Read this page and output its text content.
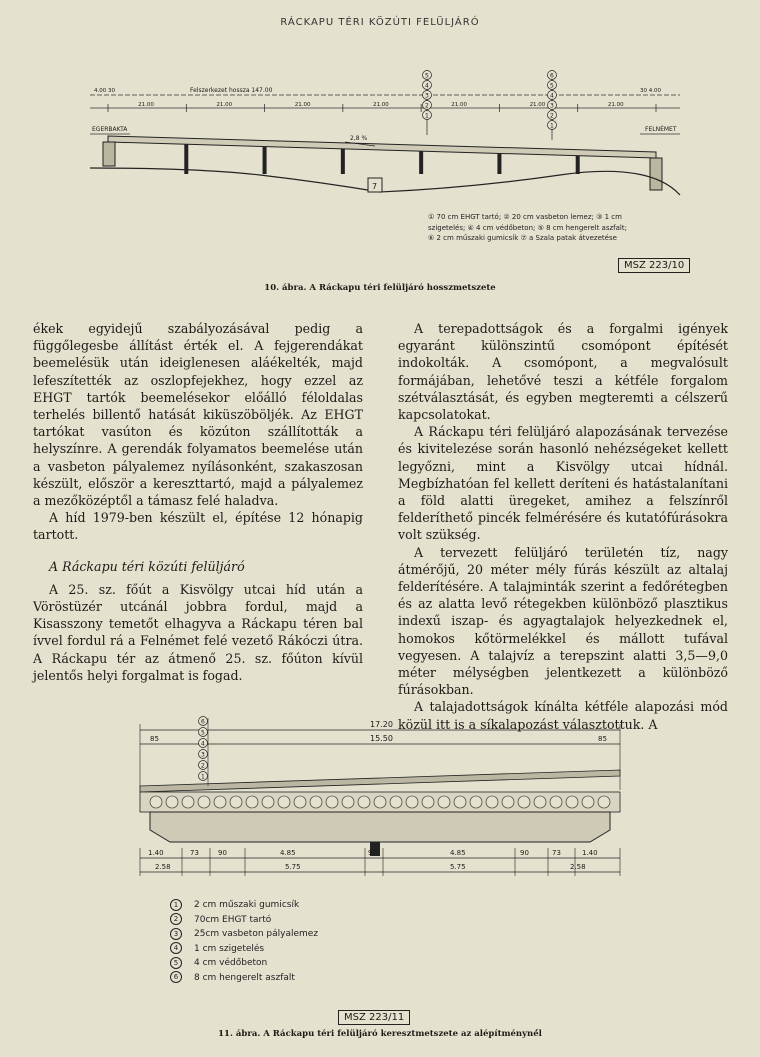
RÁCKAPU TÉRI KÖZÚTI FELÜLJÁRÓ
Felszerkezet hossza 147.00
4.00 30	30 4.00
21.00	21.00	21.00	21.00	21.00	21.00	21.00
EGERBAKTA	FELNÉMET
7
2,8 %
5
4
3
2
1
6
5
4
3
2
1
① 70 cm EHGT tartó; ② 20 cm vasbeton lemez; ③ 1 cm
szigetelés; ④ 4 cm védőbeton; ⑤ 8 cm hengerelt aszfalt;
⑥ 2 cm műszaki gumicsík ⑦ a Szala patak átvezetése
MSZ 223/10
10. ábra. A Ráckapu téri felüljáró hosszmetszete

ékek egyidejű szabályozásával pedig a függőlegesbe állítást érték el. A fejgerendákat beemelésük után ideiglenesen aláékelték, majd lefeszítették az oszlopfejekhez, hogy ezzel az EHGT tartók beemelésekor előálló féloldalas terhelés billentő hatását kiküszöböljék. Az EHGT tartókat vasúton és közúton szállították a helyszínre. A gerendák folyamatos beemelése után a vasbeton pályalemez nyílásonként, szakaszosan készült, először a kereszttartó, majd a pályalemez a mezőközéptől a támasz felé haladva.

A híd 1979-ben készült el, építése 12 hónapig tartott.

A Ráckapu téri közúti felüljáró

A 25. sz. főút a Kisvölgy utcai híd után a Vöröstüzér utcánál jobbra fordul, majd a Kisasszony temetőt elhagyva a Ráckapu téren bal ívvel fordul rá a Felnémet felé vezető Rákóczi útra. A Ráckapu tér az átmenő 25. sz. főúton kívül jelentős helyi forgalmat is fogad.

A terepadottságok és a forgalmi igények egyaránt különszintű csomópont építését indokolták. A csomópont, a megvalósult formájában, lehetővé teszi a kétféle forgalom szétválasztását, és egyben megteremti a célszerű kapcsolatokat.

A Ráckapu téri felüljáró alapozásának tervezése és kivitelezése során hasonló nehézségeket kellett legyőzni, mint a Kisvölgy utcai hídnál. Megbízhatóan fel kellett deríteni és hatástalanítani a föld alatti üregeket, amihez a felszínről felderíthető pincék felmérésére és kutatófúrásokra volt szükség.

A tervezett felüljáró területén tíz, nagy átmérőjű, 20 méter mély fúrás készült az altalaj felderítésére. A talajminták szerint a fedőrétegben és az alatta levő rétegekben különböző plasztikus indexű iszap- és agyagtalajok helyezkednek el, homokos kőtörmelékkel és mállott tufával vegyesen. A talajvíz a terepszint alatti 3,5—9,0 méter mélységben jelentkezett a különböző fúrásokban.

A talajadottságok kínálta kétféle alapozási mód közül itt is a síkalapozást választottuk. A

17.20
85	15.50	85
6
5
4
3
2
1
1.40	73	90	4.85	90	4.85	90	73	1.40
2.58	5.75	5.75	2.58
1 2 cm műszaki gumicsík
2 70cm EHGT tartó
3 25cm vasbeton pályalemez
4 1 cm szigetelés
5 4 cm védőbeton
6 8 cm hengerelt aszfalt
MSZ 223/11
11. ábra. A Ráckapu téri felüljáró keresztmetszete az alépítményné́l
